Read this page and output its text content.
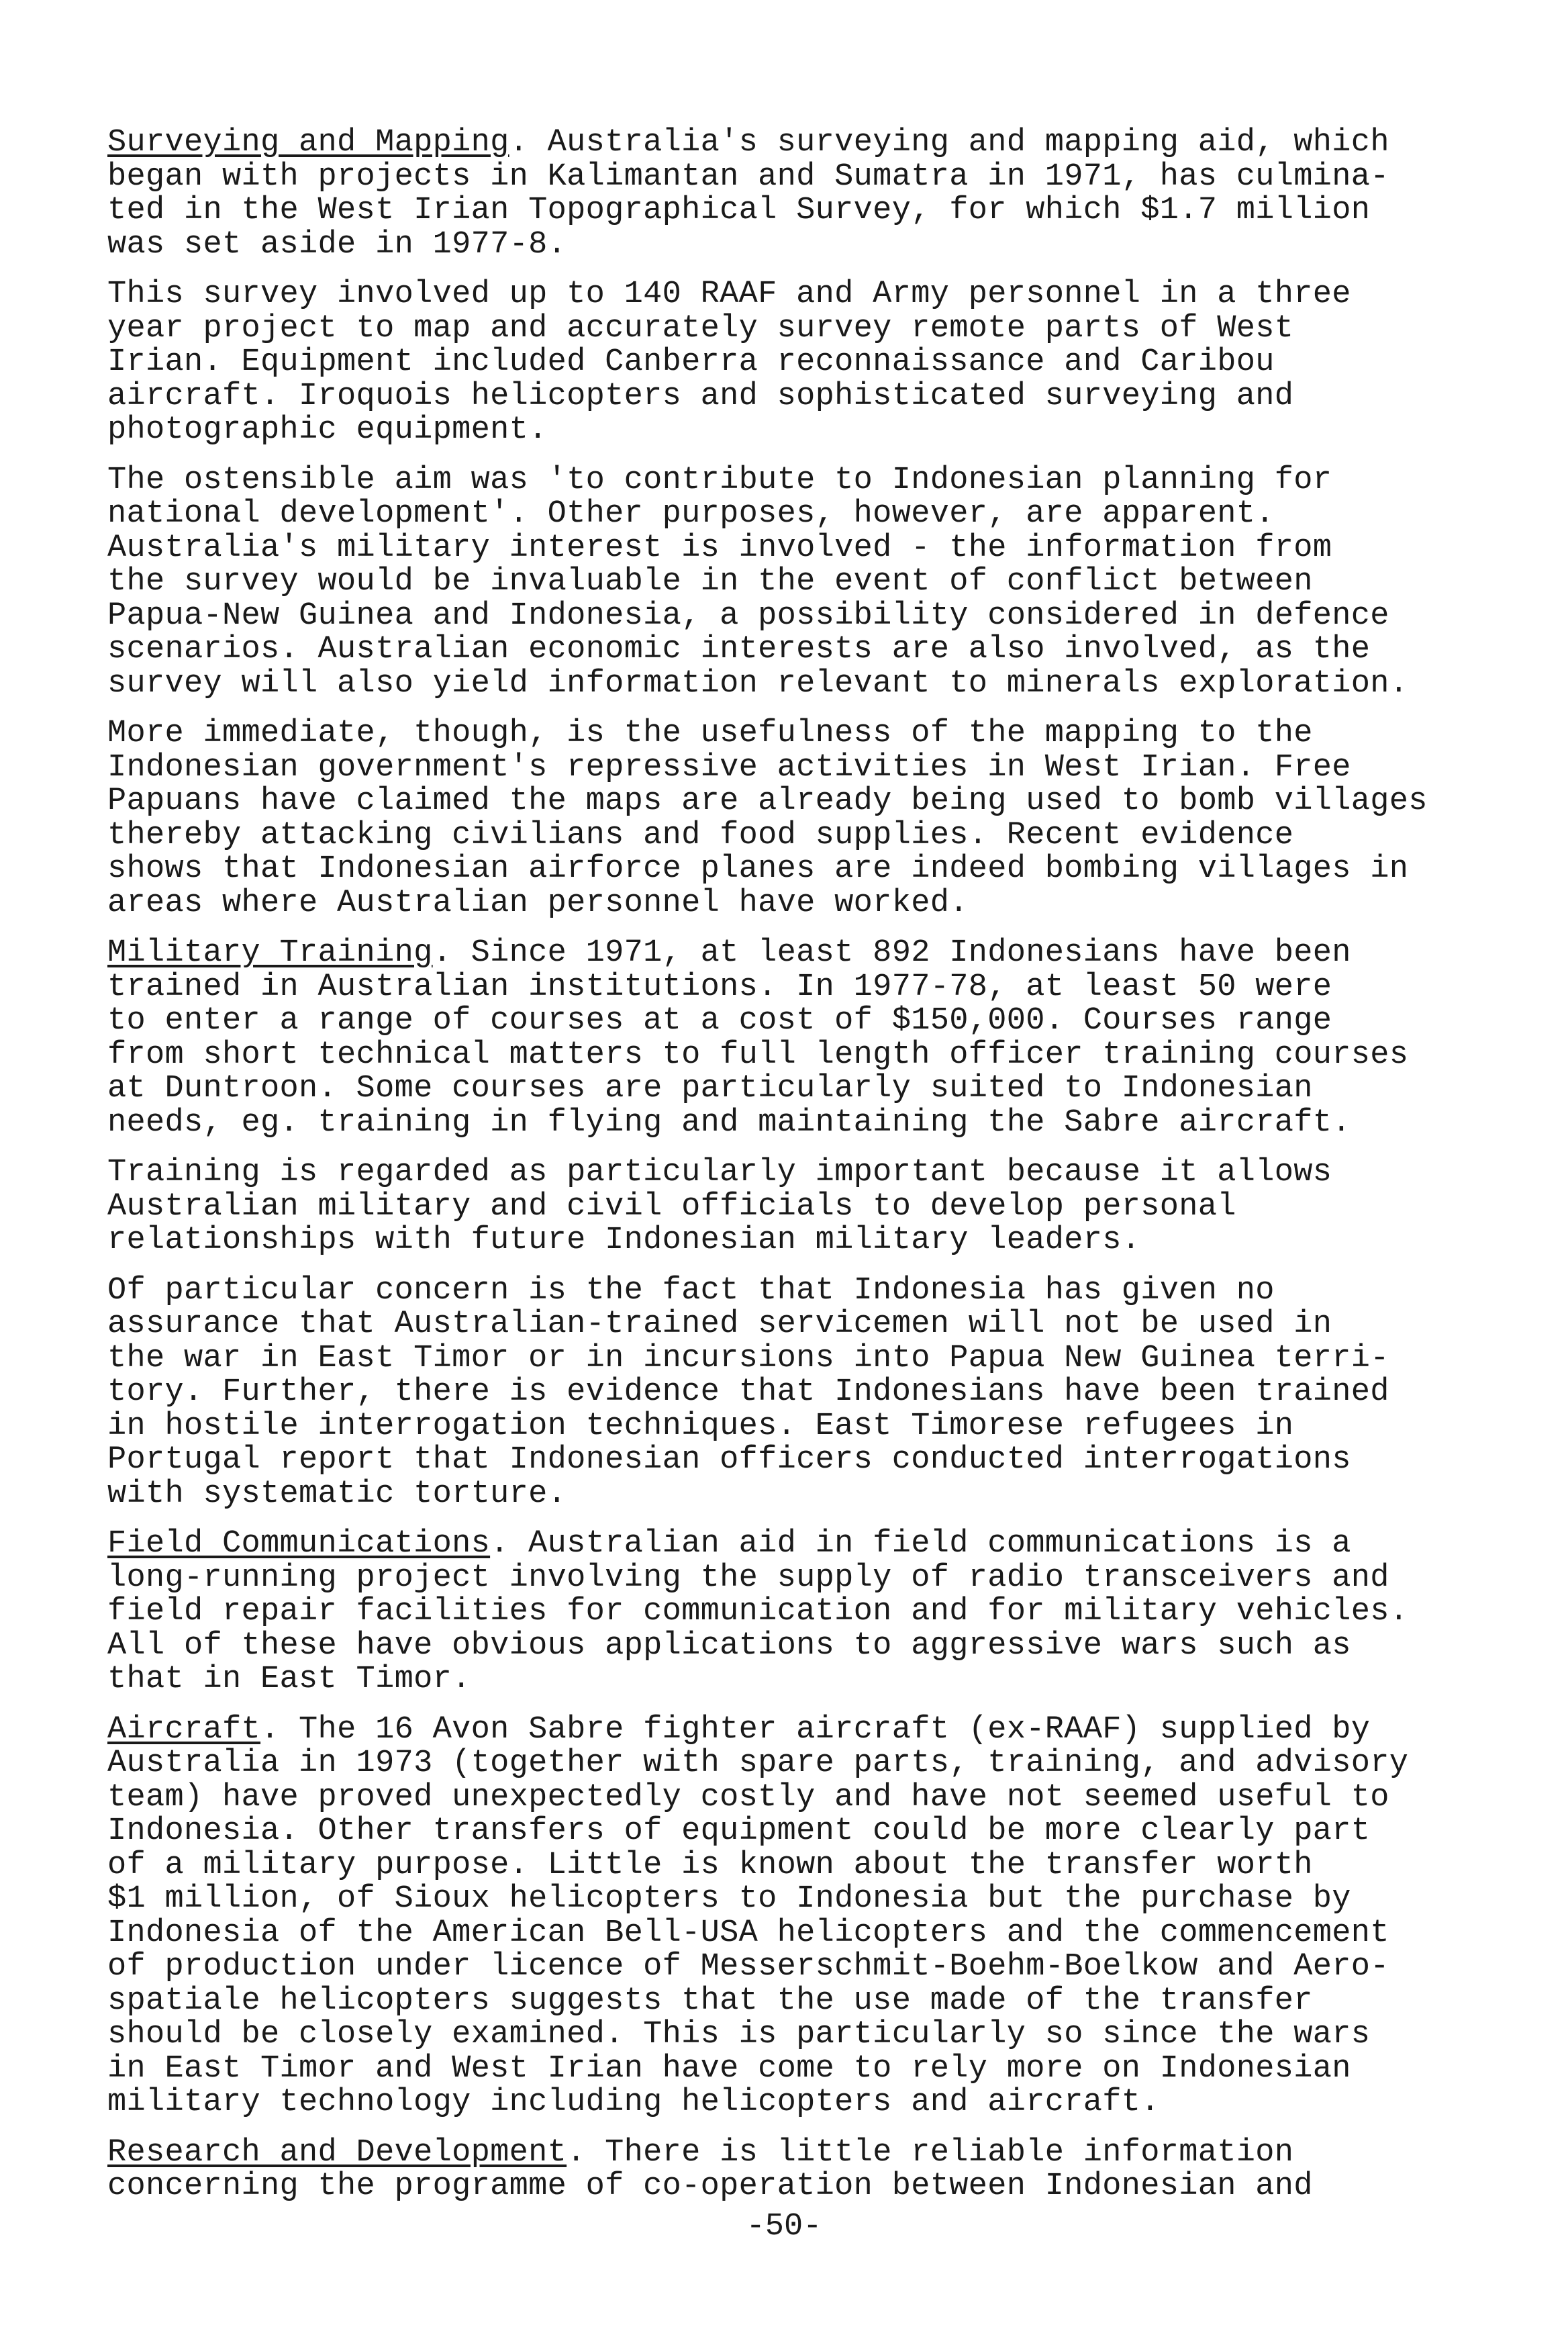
Surveying and Mapping. Australia's surveying and mapping aid, which
began with projects in Kalimantan and Sumatra in 1971, has culmina-
ted in the West Irian Topographical Survey, for which $1.7 million
was set aside in 1977-8.

This survey involved up to 140 RAAF and Army personnel in a three
year project to map and accurately survey remote parts of West
Irian. Equipment included Canberra reconnaissance and Caribou
aircraft. Iroquois helicopters and sophisticated surveying and
photographic equipment.

The ostensible aim was 'to contribute to Indonesian planning for
national development'. Other purposes, however, are apparent.
Australia's military interest is involved - the information from
the survey would be invaluable in the event of conflict between
Papua-New Guinea and Indonesia, a possibility considered in defence
scenarios. Australian economic interests are also involved, as the
survey will also yield information relevant to minerals exploration.

More immediate, though, is the usefulness of the mapping to the
Indonesian government's repressive activities in West Irian. Free
Papuans have claimed the maps are already being used to bomb villages
thereby attacking civilians and food supplies. Recent evidence
shows that Indonesian airforce planes are indeed bombing villages in
areas where Australian personnel have worked.

Military Training. Since 1971, at least 892 Indonesians have been
trained in Australian institutions. In 1977-78, at least 50 were
to enter a range of courses at a cost of $150,000. Courses range
from short technical matters to full length officer training courses
at Duntroon. Some courses are particularly suited to Indonesian
needs, eg. training in flying and maintaining the Sabre aircraft.

Training is regarded as particularly important because it allows
Australian military and civil officials to develop personal
relationships with future Indonesian military leaders.

Of particular concern is the fact that Indonesia has given no
assurance that Australian-trained servicemen will not be used in
the war in East Timor or in incursions into Papua New Guinea terri-
tory. Further, there is evidence that Indonesians have been trained
in hostile interrogation techniques. East Timorese refugees in
Portugal report that Indonesian officers conducted interrogations
with systematic torture.

Field Communications. Australian aid in field communications is a
long-running project involving the supply of radio transceivers and
field repair facilities for communication and for military vehicles.
All of these have obvious applications to aggressive wars such as
that in East Timor.

Aircraft. The 16 Avon Sabre fighter aircraft (ex-RAAF) supplied by
Australia in 1973 (together with spare parts, training, and advisory
team) have proved unexpectedly costly and have not seemed useful to
Indonesia. Other transfers of equipment could be more clearly part
of a military purpose. Little is known about the transfer worth
$1 million, of Sioux helicopters to Indonesia but the purchase by
Indonesia of the American Bell-USA helicopters and the commencement
of production under licence of Messerschmit-Boehm-Boelkow and Aero-
spatiale helicopters suggests that the use made of the transfer
should be closely examined. This is particularly so since the wars
in East Timor and West Irian have come to rely more on Indonesian
military technology including helicopters and aircraft.

Research and Development. There is little reliable information
concerning the programme of co-operation between Indonesian and

-50-
